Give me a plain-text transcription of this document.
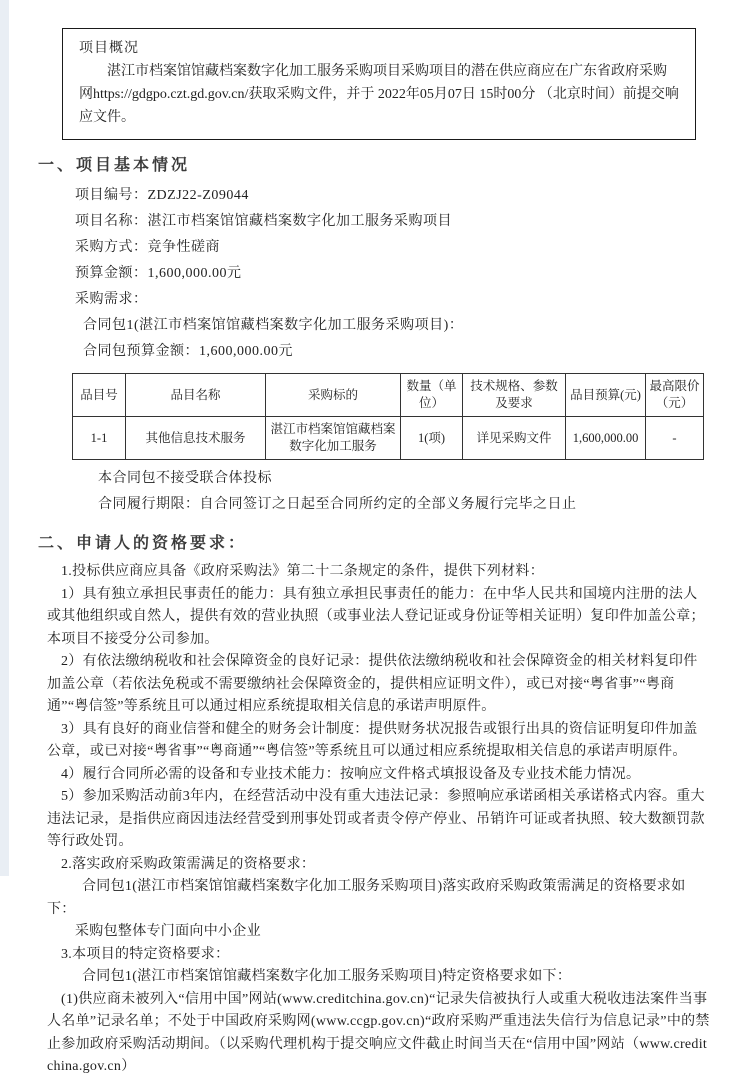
项目概况
湛江市档案馆馆藏档案数字化加工服务采购项目采购项目的潜在供应商应在广东省政府采购网https://gdgpo.czt.gd.gov.cn/获取采购文件，并于 2022年05月07日 15时00分 （北京时间）前提交响应文件。
一、项目基本情况
项目编号：ZDZJ22-Z09044
项目名称：湛江市档案馆馆藏档案数字化加工服务采购项目
采购方式：竞争性磋商
预算金额：1,600,000.00元
采购需求：
合同包1(湛江市档案馆馆藏档案数字化加工服务采购项目)：
合同包预算金额：1,600,000.00元
品目号	品目名称	采购标的	数量（单位）	技术规格、参数及要求	品目预算(元)	最高限价（元）
1-1	其他信息技术服务	湛江市档案馆馆藏档案数字化加工服务	1(项)	详见采购文件	1,600,000.00	-
本合同包不接受联合体投标
合同履行期限：自合同签订之日起至合同所约定的全部义务履行完毕之日止
二、申请人的资格要求：
1.投标供应商应具备《政府采购法》第二十二条规定的条件，提供下列材料：
1）具有独立承担民事责任的能力：具有独立承担民事责任的能力：在中华人民共和国境内注册的法人或其他组织或自然人，提供有效的营业执照（或事业法人登记证或身份证等相关证明）复印件加盖公章；本项目不接受分公司参加。
2）有依法缴纳税收和社会保障资金的良好记录：提供依法缴纳税收和社会保障资金的相关材料复印件加盖公章（若依法免税或不需要缴纳社会保障资金的，提供相应证明文件），或已对接“粤省事”“粤商通”“粤信签”等系统且可以通过相应系统提取相关信息的承诺声明原件。
3）具有良好的商业信誉和健全的财务会计制度：提供财务状况报告或银行出具的资信证明复印件加盖公章，或已对接“粤省事”“粤商通”“粤信签”等系统且可以通过相应系统提取相关信息的承诺声明原件。
4）履行合同所必需的设备和专业技术能力：按响应文件格式填报设备及专业技术能力情况。
5）参加采购活动前3年内，在经营活动中没有重大违法记录：参照响应承诺函相关承诺格式内容。重大违法记录，是指供应商因违法经营受到刑事处罚或者责令停产停业、吊销许可证或者执照、较大数额罚款等行政处罚。
2.落实政府采购政策需满足的资格要求：
合同包1(湛江市档案馆馆藏档案数字化加工服务采购项目)落实政府采购政策需满足的资格要求如下：
采购包整体专门面向中小企业
3.本项目的特定资格要求：
合同包1(湛江市档案馆馆藏档案数字化加工服务采购项目)特定资格要求如下：
(1)供应商未被列入“信用中国”网站(www.creditchina.gov.cn)“记录失信被执行人或重大税收违法案件当事人名单”记录名单；不处于中国政府采购网(www.ccgp.gov.cn)“政府采购严重违法失信行为信息记录”中的禁止参加政府采购活动期间。（以采购代理机构于提交响应文件截止时间当天在“信用中国”网站（www.creditchina.gov.cn）
